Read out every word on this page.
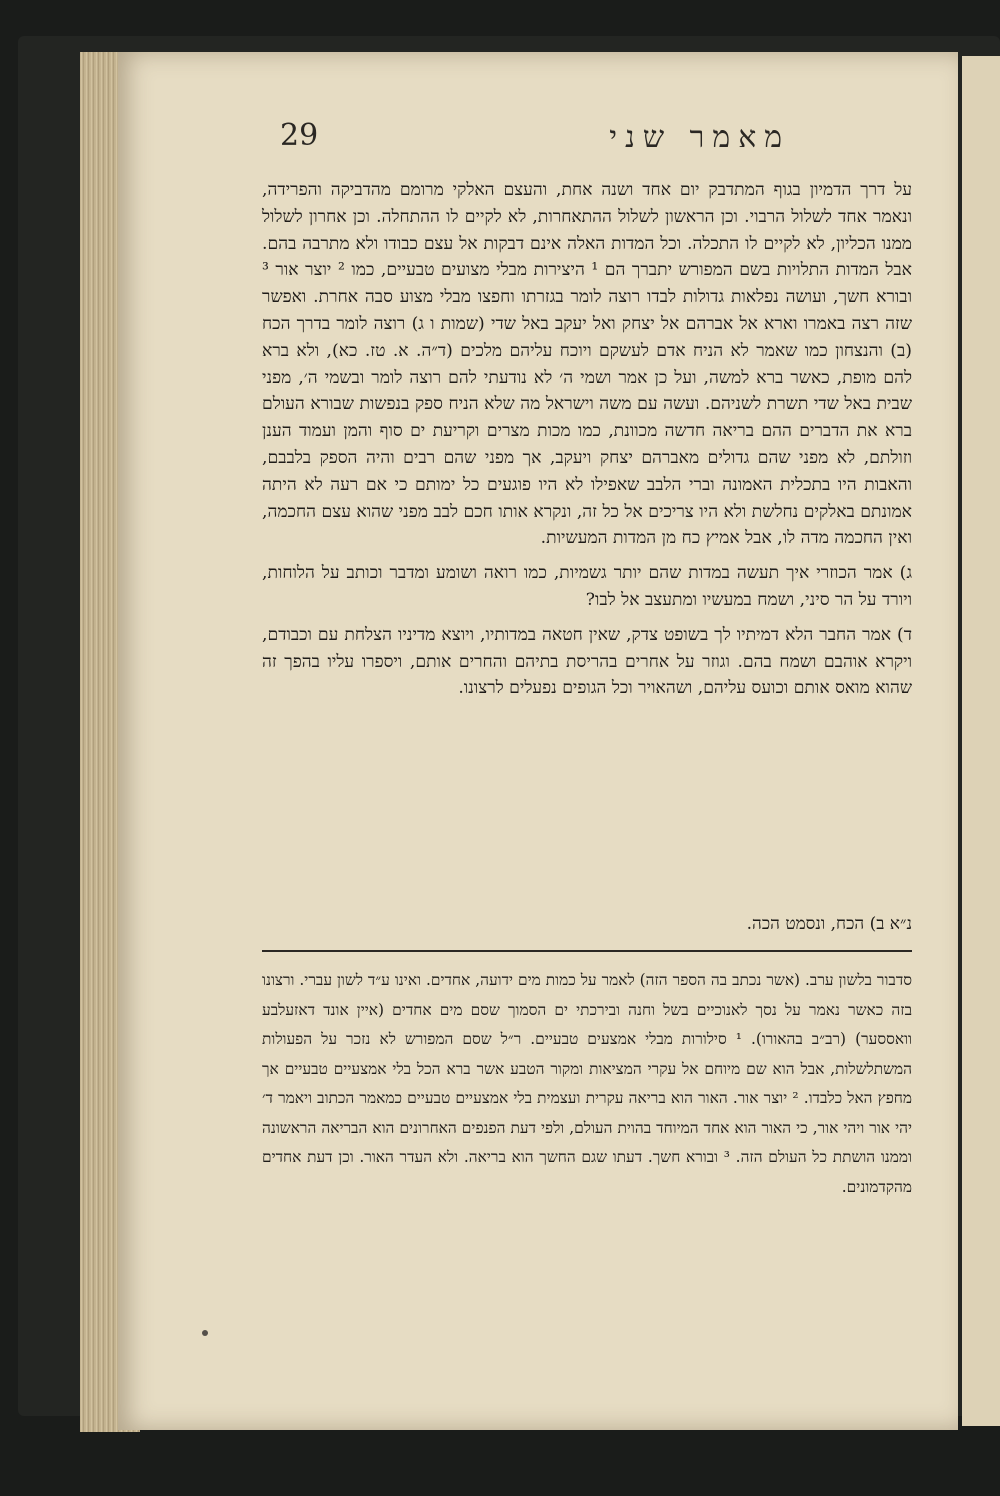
29	מאמר שני

על דרך הדמיון בגוף המתדבק יום אחד ושנה אחת, והעצם האלקי מרומם מהדביקה והפרידה, ונאמר אחד לשלול הרבוי. וכן הראשון לשלול ההתאחרות, לא לקיים לו ההתחלה. וכן אחרון לשלול ממנו הכליון, לא לקיים לו התכלה. וכל המדות האלה אינם דבקות אל עצם כבודו ולא מתרבה בהם. אבל המדות התלויות בשם המפורש יתברך הם ¹ היצירות מבלי מצועים טבעיים, כמו ² יוצר אור ³ ובורא חשך, ועושה נפלאות גדולות לבדו רוצה לומר בגזרתו וחפצו מבלי מצוע סבה אחרת. ואפשר שזה רצה באמרו וארא אל אברהם אל יצחק ואל יעקב באל שדי (שמות ו ג) רוצה לומר בדרך הכח (ב) והנצחון כמו שאמר לא הניח אדם לעשקם ויוכח עליהם מלכים (ד״ה. א. טז. כא), ולא ברא להם מופת, כאשר ברא למשה, ועל כן אמר ושמי ה׳ לא נודעתי להם רוצה לומר ובשמי ה׳, מפני שבית באל שדי תשרת לשניהם. ועשה עם משה וישראל מה שלא הניח ספק בנפשות שבורא העולם ברא את הדברים ההם בריאה חדשה מכוונת, כמו מכות מצרים וקריעת ים סוף והמן ועמוד הענן וזולתם, לא מפני שהם גדולים מאברהם יצחק ויעקב, אך מפני שהם רבים והיה הספק בלבבם, והאבות היו בתכלית האמונה וברי הלבב שאפילו לא היו פוגעים כל ימותם כי אם רעה לא היתה אמונתם באלקים נחלשת ולא היו צריכים אל כל זה, ונקרא אותו חכם לבב מפני שהוא עצם החכמה, ואין החכמה מדה לו, אבל אמיץ כח מן המדות המעשיות.

ג) אמר הכוזרי איך תעשה במדות שהם יותר גשמיות, כמו רואה ושומע ומדבר וכותב על הלוחות, ויורד על הר סיני, ושמח במעשיו ומתעצב אל לבו?

ד) אמר החבר הלא דמיתיו לך בשופט צדק, שאין חטאה במדותיו, ויוצא מדיניו הצלחת עם וכבודם, ויקרא אוהבם ושמח בהם. וגוזר על אחרים בהריסת בתיהם והחרים אותם, ויספרו עליו בהפך זה שהוא מואס אותם וכועס עליהם, ושהאויר וכל הגופים נפעלים לרצונו.

נ״א ב) הכח, ונסמט הכה.

סדבור בלשון ערב. (אשר נכתב בה הספר הזה) לאמר על כמות מים ידועה, אחדים. ואינו ע״ד לשון עברי. ורצונו בזה כאשר נאמר על נסך לאנוכיים בשל וחנה ובירכתי ים הסמוך שסם מים אחדים (איין אונד דאזעלבע וואססער) (רב״ב בהאורו). ¹ סילורות מבלי אמצעים טבעיים. ר״ל שסם המפורש לא נזכר על הפעולות המשתלשלות, אבל הוא שם מיוחם אל עקרי המציאות ומקור הטבע אשר ברא הכל בלי אמצעיים טבעיים אך מחפץ האל כלבדו. ² יוצר אור. האור הוא בריאה עקרית ועצמית בלי אמצעיים טבעיים כמאמר הכתוב ויאמר ד׳ יהי אור ויהי אור, כי האור הוא אחד המיוחד בהוית העולם, ולפי דעת הפנפים האחרונים הוא הבריאה הראשונה וממנו הושתת כל העולם הזה. ³ ובורא חשך. דעתו שגם החשך הוא בריאה. ולא העדר האור. וכן דעת אחדים מהקדמונים.
